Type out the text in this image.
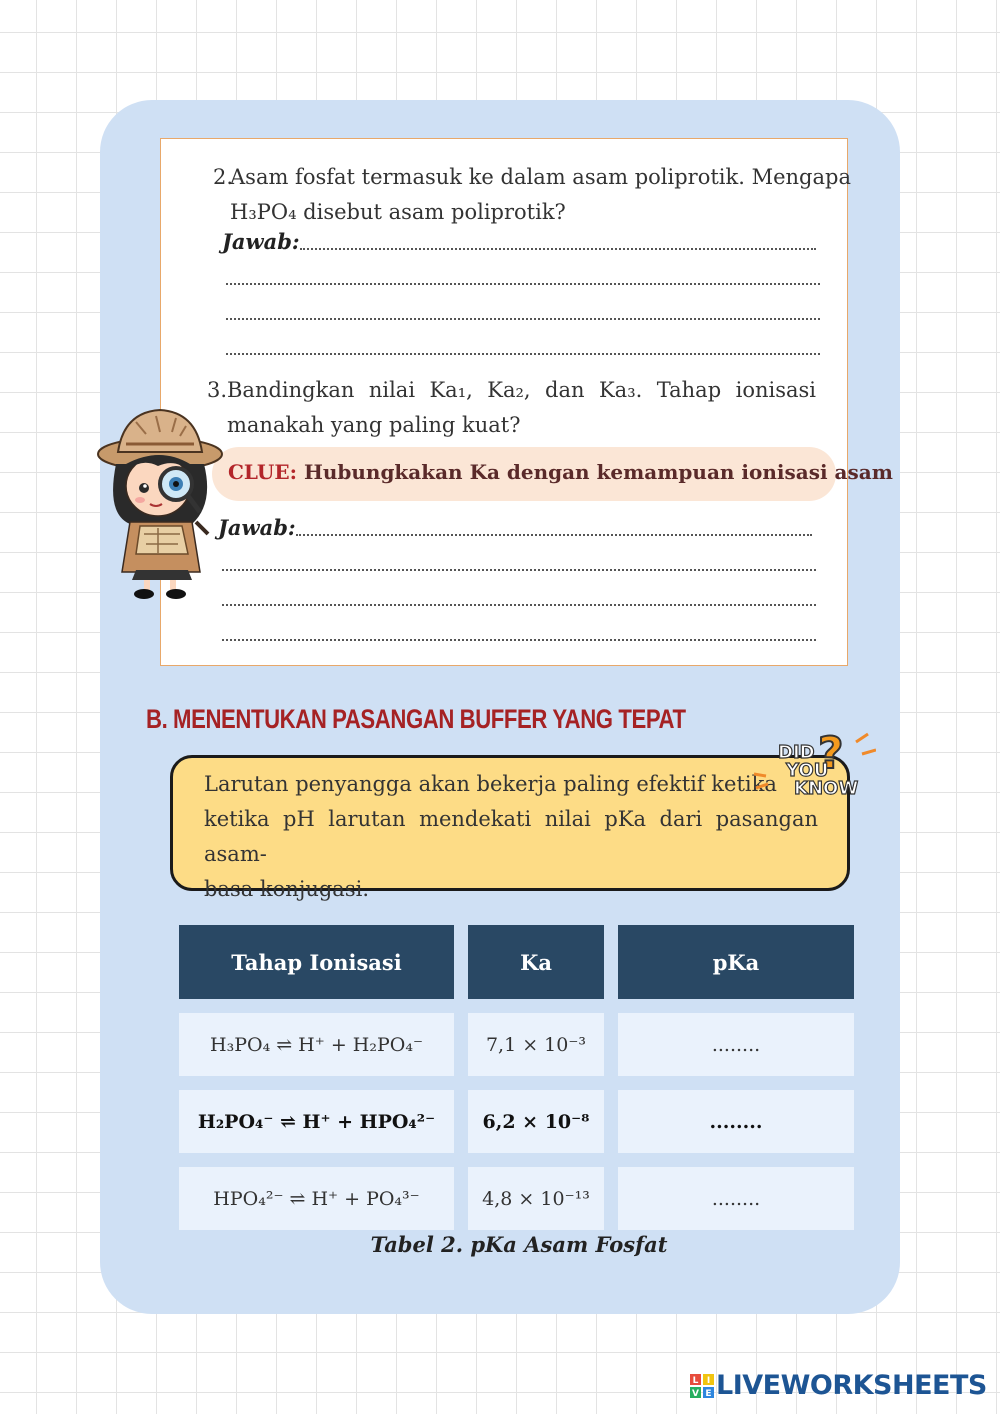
2.
Asam fosfat termasuk ke dalam asam poliprotik. Mengapa
H₃PO₄ disebut asam poliprotik?
Jawab:
3. Bandingkan nilai Ka₁, Ka₂, dan Ka₃. Tahap ionisasi
manakah yang paling kuat?
CLUE: Hubungkakan Ka dengan kemampuan ionisasi asam
Jawab:
B. MENENTUKAN PASANGAN BUFFER YANG TEPAT
Larutan penyangga akan bekerja paling efektif ketika
ketika pH larutan mendekati nilai pKa dari pasangan asam-
basa konjugasi.
?
DID
YOU
KNOW
Tahap Ionisasi	Ka	pKa
H₃PO₄ ⇌ H⁺ + H₂PO₄⁻	7,1 × 10⁻³	........
H₂PO₄⁻ ⇌ H⁺ + HPO₄²⁻	6,2 × 10⁻⁸	........
HPO₄²⁻ ⇌ H⁺ + PO₄³⁻	4,8 × 10⁻¹³	........
Tabel 2. pKa Asam Fosfat
L I
V E LIVEWORKSHEETS
